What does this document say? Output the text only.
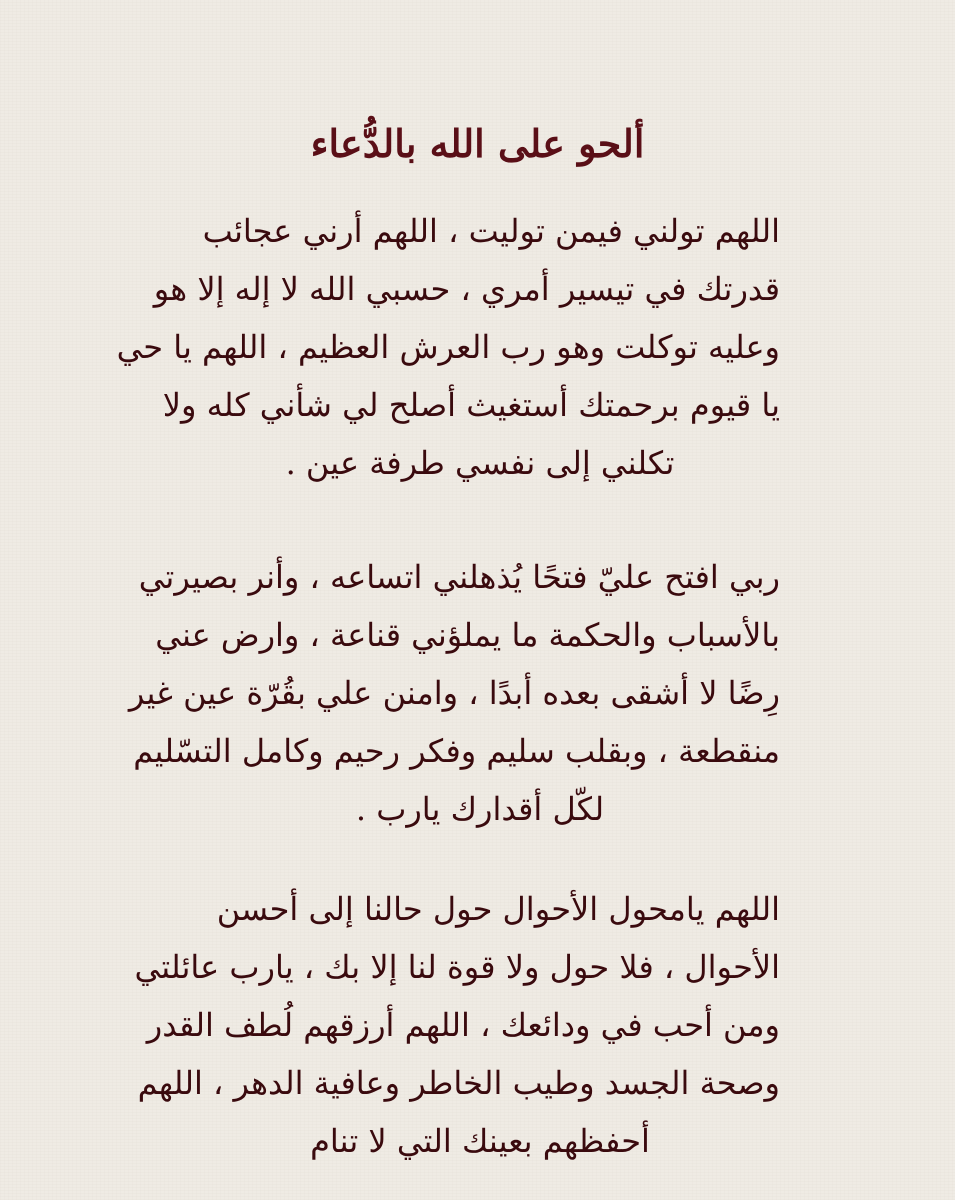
ألحو على الله بالدُّعاء
اللهم تولني فيمن توليت ، اللهم أرني عجائب
قدرتك في تيسير أمري ، حسبي الله لا إله إلا هو
وعليه توكلت وهو رب العرش العظيم ، اللهم يا حي
يا قيوم برحمتك أستغيث أصلح لي شأني كله ولا
تكلني إلى نفسي طرفة عين .
ربي افتح عليّ فتحًا يُذهلني اتساعه ، وأنر بصيرتي
بالأسباب والحكمة ما يملؤني قناعة ، وارض عني
رِضًا لا أشقى بعده أبدًا ، وامنن علي بقُرّة عين غير
منقطعة ، وبقلب سليم وفكر رحيم وكامل التسّليم
لكّل أقدارك يارب .
اللهم يامحول الأحوال حول حالنا إلى أحسن
الأحوال ، فلا حول ولا قوة لنا إلا بك ، يارب عائلتي
ومن أحب في ودائعك ، اللهم أرزقهم لُطف القدر
وصحة الجسد وطيب الخاطر وعافية الدهر ، اللهم
أحفظهم بعينك التي لا تنام
